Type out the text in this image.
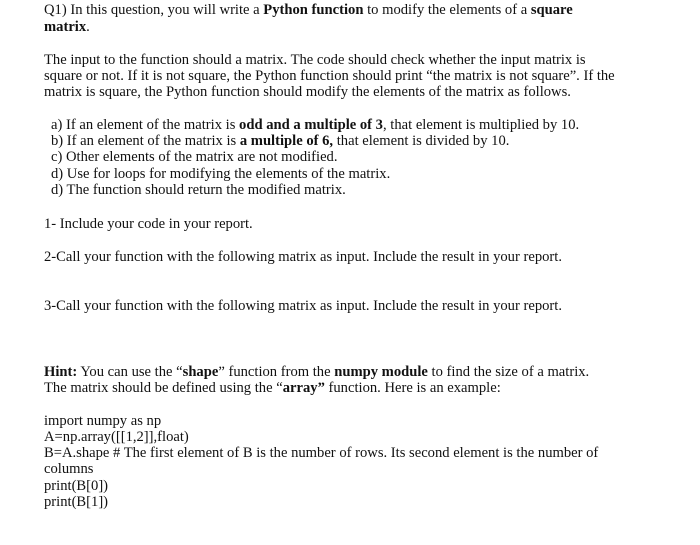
Q1) In this question, you will write a Python function to modify the elements of a square
matrix.
The input to the function should a matrix. The code should check whether the input matrix is
square or not. If it is not square, the Python function should print “the matrix is not square”. If the
matrix is square, the Python function should modify the elements of the matrix as follows.
a) If an element of the matrix is odd and a multiple of 3, that element is multiplied by 10.
b) If an element of the matrix is a multiple of 6, that element is divided by 10.
c) Other elements of the matrix are not modified.
d) Use for loops for modifying the elements of the matrix.
d) The function should return the modified matrix.
1- Include your code in your report.
2-Call your function with the following matrix as input. Include the result in your report.
3-Call your function with the following matrix as input. Include the result in your report.
Hint: You can use the “shape” function from the numpy module to find the size of a matrix.
The matrix should be defined using the “array” function. Here is an example:
import numpy as np
A=np.array([[1,2]],float)
B=A.shape # The first element of B is the number of rows. Its second element is the number of
columns
print(B[0])
print(B[1])
